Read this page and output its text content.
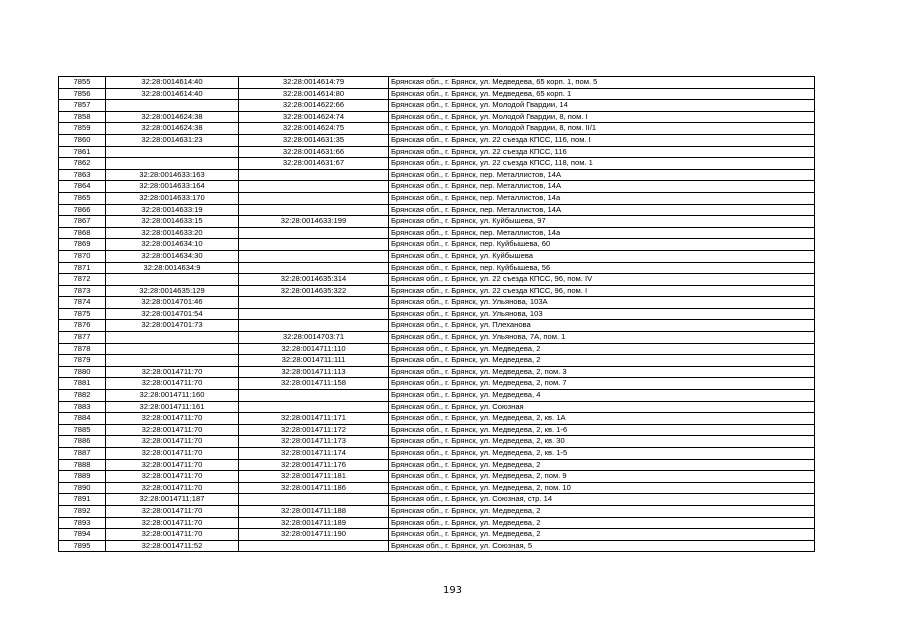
7855	32:28:0014614:40	32:28:0014614:79	Брянская обл., г. Брянск, ул. Медведева, 65 корп. 1, пом. 5
7856	32:28:0014614:40	32:28:0014614:80	Брянская обл., г. Брянск, ул. Медведева, 65 корп. 1
7857		32:28:0014622:66	Брянская обл., г. Брянск, ул. Молодой Гвардии, 14
7858	32:28:0014624:38	32:28:0014624:74	Брянская обл., г. Брянск, ул. Молодой Гвардии, 8, пом. I
7859	32:28:0014624:38	32:28:0014624:75	Брянская обл., г. Брянск, ул. Молодой Гвардии, 8, пом. II/1
7860	32:28:0014631:23	32:28:0014631:35	Брянская обл., г. Брянск, ул. 22 съезда КПСС, 116, пом. I
7861		32:28:0014631:66	Брянская обл., г. Брянск, ул. 22 съезда КПСС, 116
7862		32:28:0014631:67	Брянская обл., г. Брянск, ул. 22 съезда КПСС, 118, пом. 1
7863	32:28:0014633:163		Брянская обл., г. Брянск, пер. Металлистов, 14А
7864	32:28:0014633:164		Брянская обл., г. Брянск, пер. Металлистов, 14А
7865	32:28:0014633:170		Брянская обл., г. Брянск, пер. Металлистов, 14а
7866	32:28:0014633:19		Брянская обл., г. Брянск, пер. Металлистов, 14А
7867	32:28:0014633:15	32:28:0014633:199	Брянская обл., г. Брянск, ул. Куйбышева, 97
7868	32:28:0014633:20		Брянская обл., г. Брянск, пер. Металлистов, 14а
7869	32:28:0014634:10		Брянская обл., г. Брянск, пер. Куйбышева, 60
7870	32:28:0014634:30		Брянская обл., г. Брянск, ул. Куйбышева
7871	32:28:0014634:9		Брянская обл., г. Брянск, пер. Куйбышева, 56
7872		32:28:0014635:314	Брянская обл., г. Брянск, ул. 22 съезда КПСС, 96, пом. IV
7873	32:28:0014635:129	32:28:0014635:322	Брянская обл., г. Брянск, ул. 22 съезда КПСС, 96, пом. I
7874	32:28:0014701:46		Брянская обл., г. Брянск, ул. Ульянова, 103А
7875	32:28:0014701:54		Брянская обл., г. Брянск, ул. Ульянова, 103
7876	32:28:0014701:73		Брянская обл., г. Брянск, ул. Плеханова
7877		32:28:0014703:71	Брянская обл., г. Брянск, ул. Ульянова, 7А, пом. 1
7878		32:28:0014711:110	Брянская обл., г. Брянск, ул. Медведева, 2
7879		32:28:0014711:111	Брянская обл., г. Брянск, ул. Медведева, 2
7880	32:28:0014711:70	32:28:0014711:113	Брянская обл., г. Брянск, ул. Медведева, 2, пом. 3
7881	32:28:0014711:70	32:28:0014711:158	Брянская обл., г. Брянск, ул. Медведева, 2, пом. 7
7882	32:28:0014711:160		Брянская обл., г. Брянск, ул. Медведева, 4
7883	32:28:0014711:161		Брянская обл., г. Брянск, ул. Союзная
7884	32:28:0014711:70	32:28:0014711:171	Брянская обл., г. Брянск, ул. Медведева, 2, кв. 1А
7885	32:28:0014711:70	32:28:0014711:172	Брянская обл., г. Брянск, ул. Медведева, 2, кв. 1-6
7886	32:28:0014711:70	32:28:0014711:173	Брянская обл., г. Брянск, ул. Медведева, 2, кв. 30
7887	32:28:0014711:70	32:28:0014711:174	Брянская обл., г. Брянск, ул. Медведева, 2, кв. 1-5
7888	32:28:0014711:70	32:28:0014711:176	Брянская обл., г. Брянск, ул. Медведева, 2
7889	32:28:0014711:70	32:28:0014711:181	Брянская обл., г. Брянск, ул. Медведева, 2, пом. 9
7890	32:28:0014711:70	32:28:0014711:186	Брянская обл., г. Брянск, ул. Медведева, 2, пом. 10
7891	32:28:0014711:187		Брянская обл., г. Брянск, ул. Союзная, стр. 14
7892	32:28:0014711:70	32:28:0014711:188	Брянская обл., г. Брянск, ул. Медведева, 2
7893	32:28:0014711:70	32:28:0014711:189	Брянская обл., г. Брянск, ул. Медведева, 2
7894	32:28:0014711:70	32:28:0014711:190	Брянская обл., г. Брянск, ул. Медведева, 2
7895	32:28:0014711:52		Брянская обл., г. Брянск, ул. Союзная, 5
193
